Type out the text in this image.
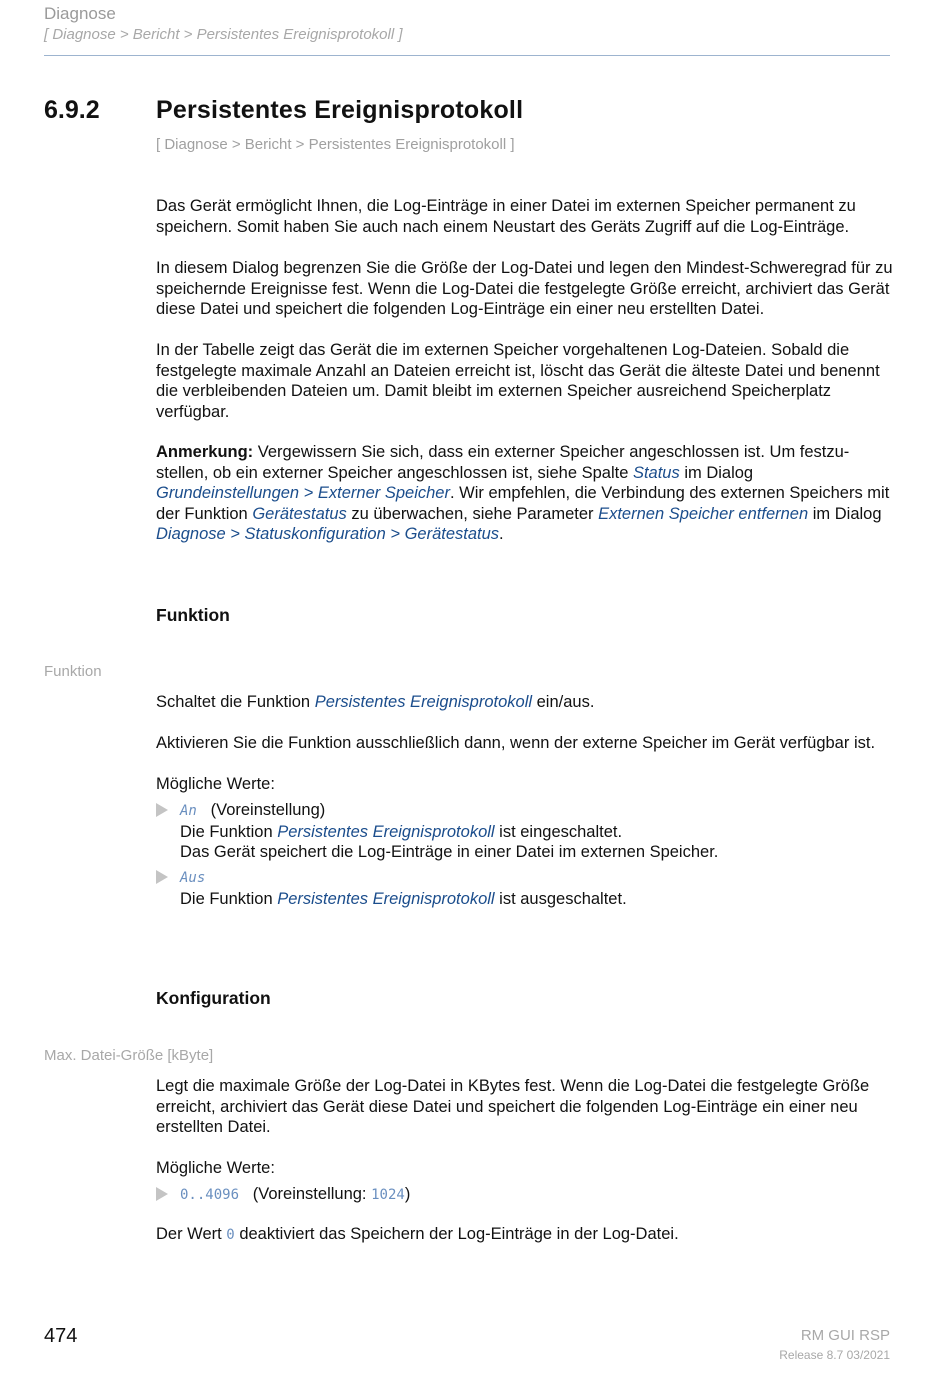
Diagnose
[ Diagnose > Bericht > Persistentes Ereignisprotokoll ]
6.9.2 Persistentes Ereignisprotokoll
[ Diagnose > Bericht > Persistentes Ereignisprotokoll ]
Das Gerät ermöglicht Ihnen, die Log-Einträge in einer Datei im externen Speicher permanent zu speichern. Somit haben Sie auch nach einem Neustart des Geräts Zugriff auf die Log-Einträge.
In diesem Dialog begrenzen Sie die Größe der Log-Datei und legen den Mindest-Schweregrad für zu speichernde Ereignisse fest. Wenn die Log-Datei die festgelegte Größe erreicht, archiviert das Gerät diese Datei und speichert die folgenden Log-Einträge ein einer neu erstellten Datei.
In der Tabelle zeigt das Gerät die im externen Speicher vorgehaltenen Log-Dateien. Sobald die festgelegte maximale Anzahl an Dateien erreicht ist, löscht das Gerät die älteste Datei und benennt die verbleibenden Dateien um. Damit bleibt im externen Speicher ausreichend Speicherplatz verfügbar.
Anmerkung: Vergewissern Sie sich, dass ein externer Speicher angeschlossen ist. Um festzu-stellen, ob ein externer Speicher angeschlossen ist, siehe Spalte Status im Dialog Grundeinstellungen > Externer Speicher. Wir empfehlen, die Verbindung des externen Speichers mit der Funktion Gerätestatus zu überwachen, siehe Parameter Externen Speicher entfernen im Dialog Diagnose > Statuskonfiguration > Gerätestatus.
Funktion
Funktion
Schaltet die Funktion Persistentes Ereignisprotokoll ein/aus.
Aktivieren Sie die Funktion ausschließlich dann, wenn der externe Speicher im Gerät verfügbar ist.
Mögliche Werte:
An (Voreinstellung)
Die Funktion Persistentes Ereignisprotokoll ist eingeschaltet.
Das Gerät speichert die Log-Einträge in einer Datei im externen Speicher.
Aus
Die Funktion Persistentes Ereignisprotokoll ist ausgeschaltet.
Konfiguration
Max. Datei-Größe [kByte]
Legt die maximale Größe der Log-Datei in KBytes fest. Wenn die Log-Datei die festgelegte Größe erreicht, archiviert das Gerät diese Datei und speichert die folgenden Log-Einträge ein einer neu erstellten Datei.
Mögliche Werte:
0..4096 (Voreinstellung: 1024)
Der Wert 0 deaktiviert das Speichern der Log-Einträge in der Log-Datei.
474	RM GUI RSP
Release 8.7 03/2021
